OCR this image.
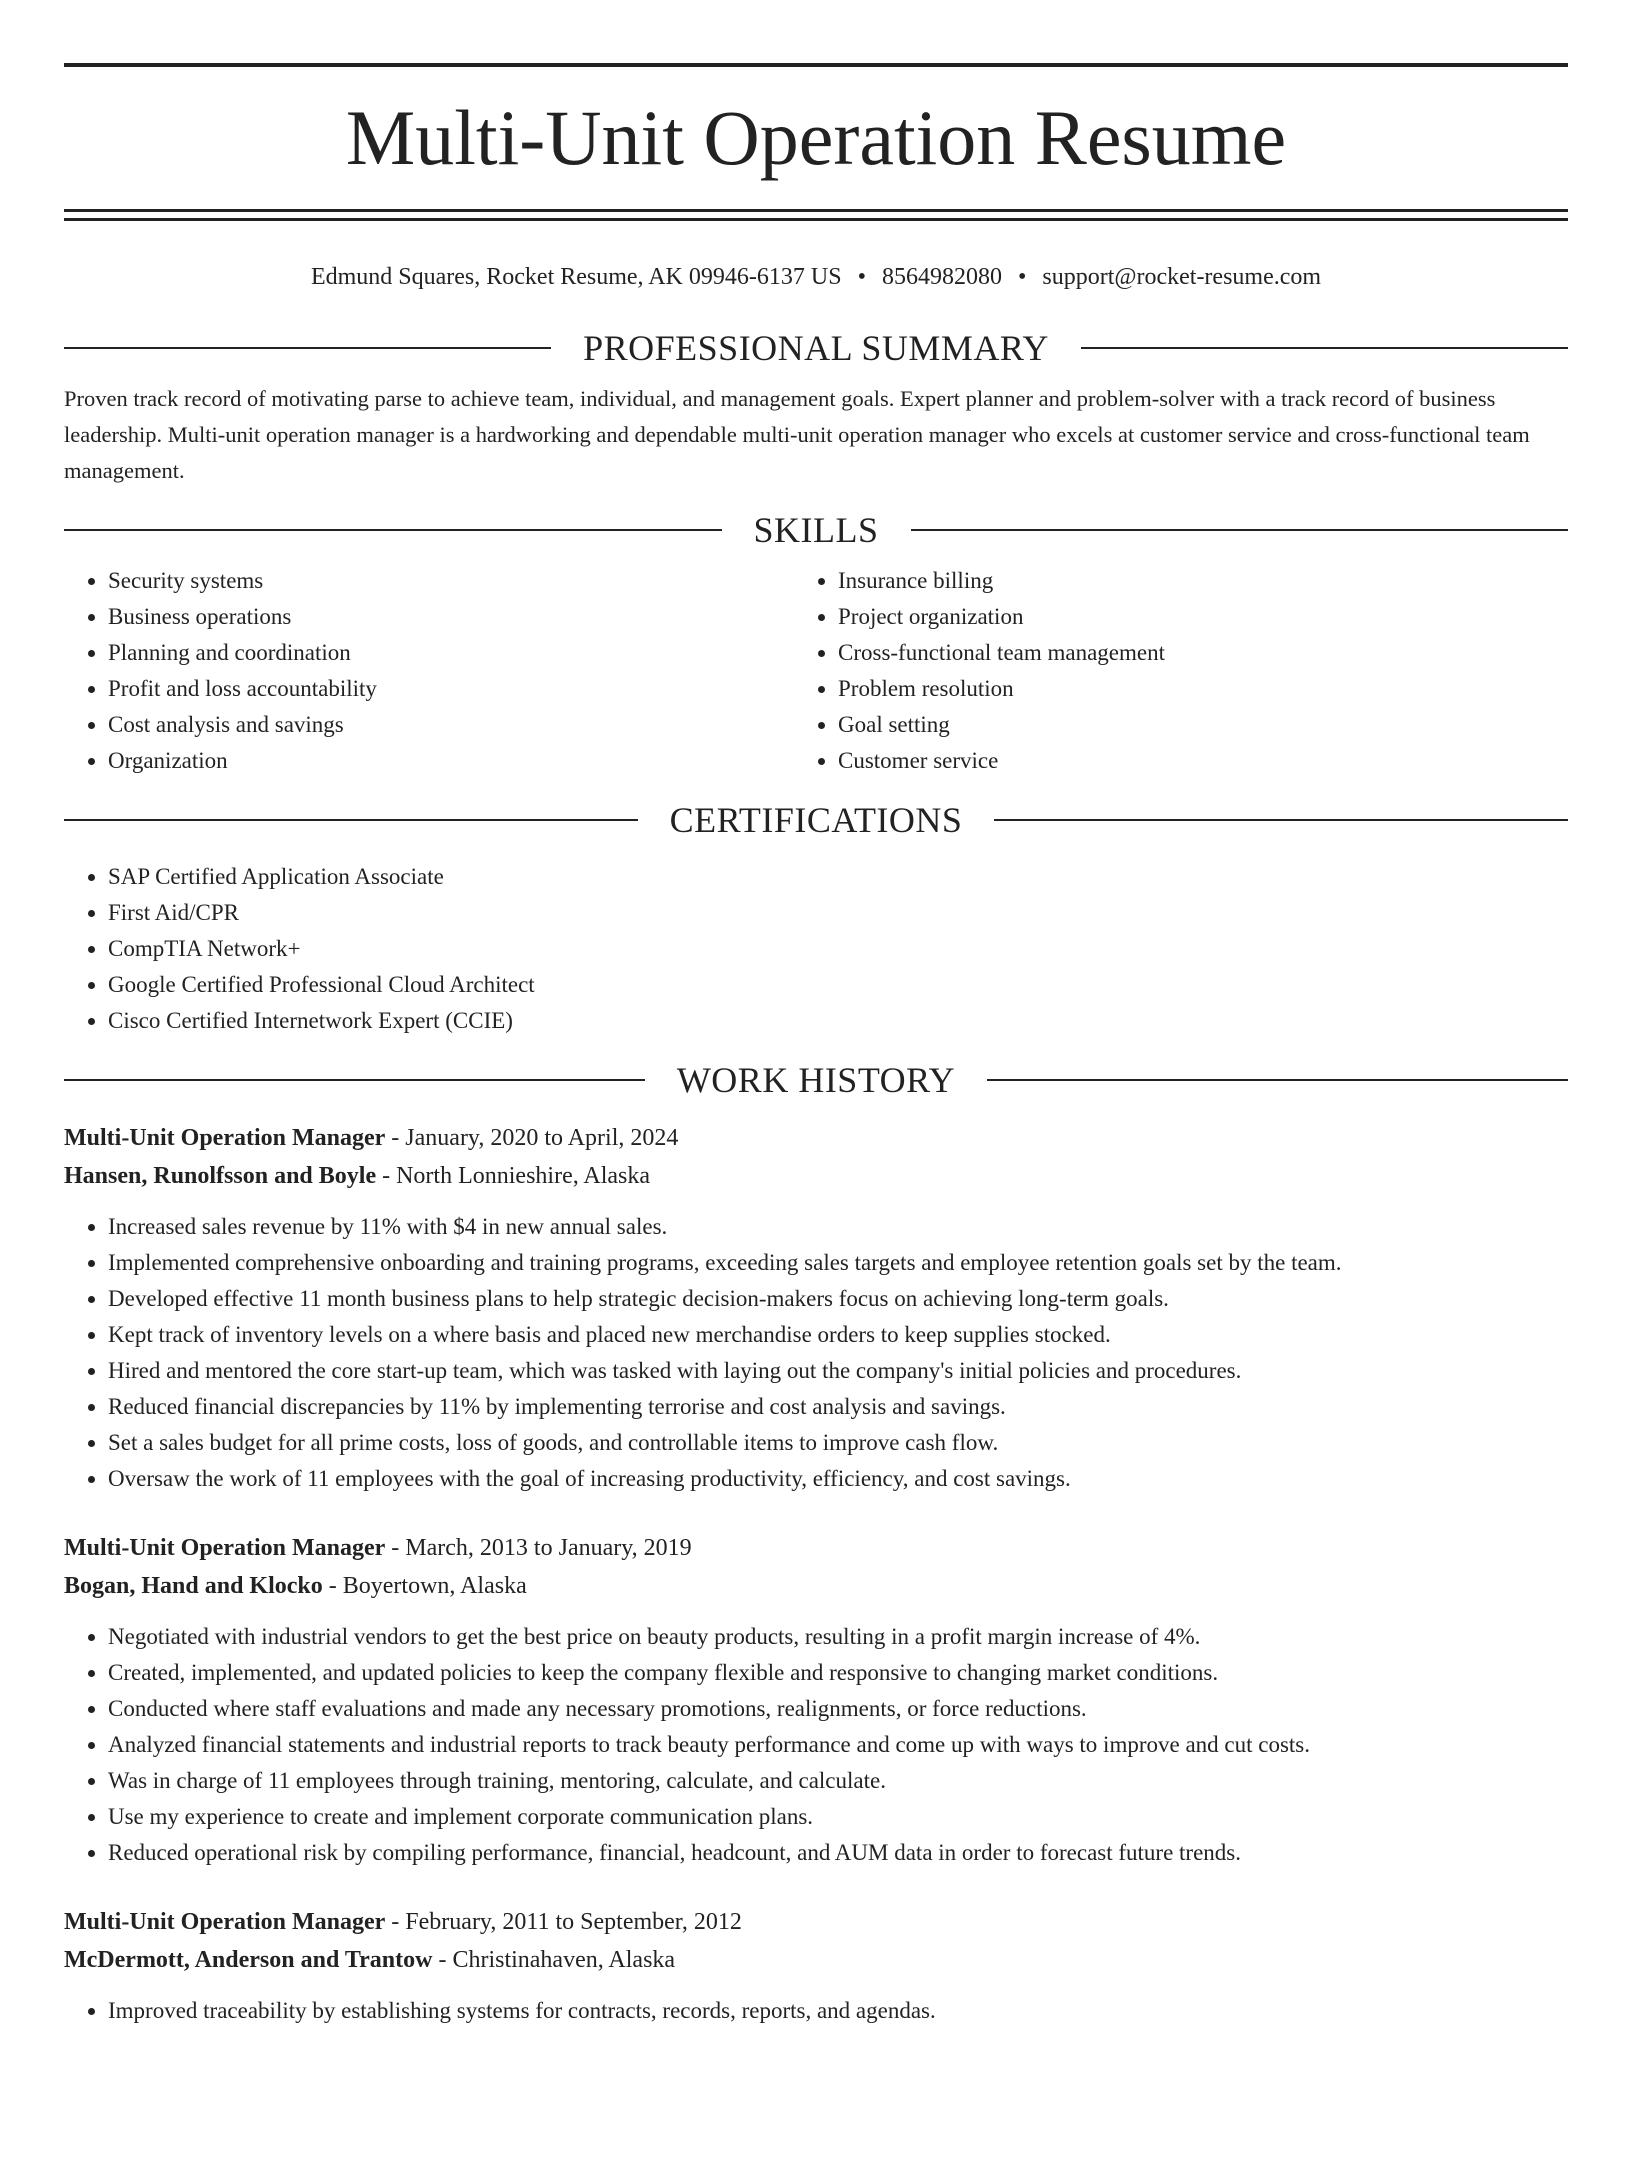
Multi-Unit Operation Resume
Edmund Squares, Rocket Resume, AK 09946-6137 US • 8564982080 • support@rocket-resume.com
PROFESSIONAL SUMMARY

Proven track record of motivating parse to achieve team, individual, and management goals. Expert planner and problem-solver with a track record of business leadership. Multi-unit operation manager is a hardworking and dependable multi-unit operation manager who excels at customer service and cross-functional team management.

SKILLS
• Security systems
• Business operations
• Planning and coordination
• Profit and loss accountability
• Cost analysis and savings
• Organization
• Insurance billing
• Project organization
• Cross-functional team management
• Problem resolution
• Goal setting
• Customer service
CERTIFICATIONS
• SAP Certified Application Associate
• First Aid/CPR
• CompTIA Network+
• Google Certified Professional Cloud Architect
• Cisco Certified Internetwork Expert (CCIE)
WORK HISTORY
Multi-Unit Operation Manager - January, 2020 to April, 2024
Hansen, Runolfsson and Boyle - North Lonnieshire, Alaska
• Increased sales revenue by 11% with $4 in new annual sales.
• Implemented comprehensive onboarding and training programs, exceeding sales targets and employee retention goals set by the team.
• Developed effective 11 month business plans to help strategic decision-makers focus on achieving long-term goals.
• Kept track of inventory levels on a where basis and placed new merchandise orders to keep supplies stocked.
• Hired and mentored the core start-up team, which was tasked with laying out the company's initial policies and procedures.
• Reduced financial discrepancies by 11% by implementing terrorise and cost analysis and savings.
• Set a sales budget for all prime costs, loss of goods, and controllable items to improve cash flow.
• Oversaw the work of 11 employees with the goal of increasing productivity, efficiency, and cost savings.
Multi-Unit Operation Manager - March, 2013 to January, 2019
Bogan, Hand and Klocko - Boyertown, Alaska
• Negotiated with industrial vendors to get the best price on beauty products, resulting in a profit margin increase of 4%.
• Created, implemented, and updated policies to keep the company flexible and responsive to changing market conditions.
• Conducted where staff evaluations and made any necessary promotions, realignments, or force reductions.
• Analyzed financial statements and industrial reports to track beauty performance and come up with ways to improve and cut costs.
• Was in charge of 11 employees through training, mentoring, calculate, and calculate.
• Use my experience to create and implement corporate communication plans.
• Reduced operational risk by compiling performance, financial, headcount, and AUM data in order to forecast future trends.
Multi-Unit Operation Manager - February, 2011 to September, 2012
McDermott, Anderson and Trantow - Christinahaven, Alaska
• Improved traceability by establishing systems for contracts, records, reports, and agendas.
